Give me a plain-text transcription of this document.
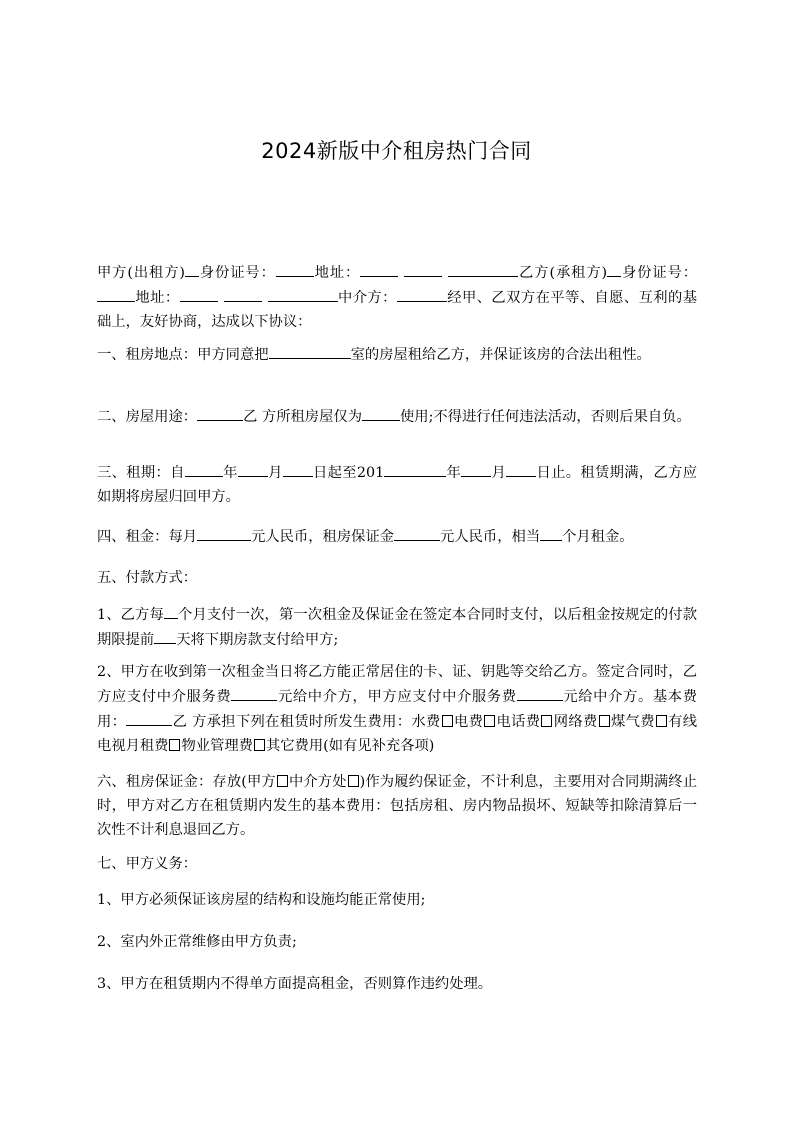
2024新版中介租房热门合同
甲方(出租方) 身份证号：	地址：	乙方(承租方) 身份证号：地址：	中介方：	经甲、乙双方在平等、自愿、互利的基础上，友好协商，达成以下协议：
一、租房地点：甲方同意把	室的房屋租给乙方，并保证该房的合法出租性。
二、房屋用途：	乙 方所租房屋仅为	使用;不得进行任何违法活动，否则后果自负。
三、租期：自	年 月 日起至201	年 月 日止。租赁期满，乙方应如期将房屋归回甲方。
四、租金：每月	元人民币，租房保证金	元人民币，相当 个月租金。
五、付款方式：
1、乙方每 个月支付一次，第一次租金及保证金在签定本合同时支付，以后租金按规定的付款期限提前 天将下期房款支付给甲方;
2、甲方在收到第一次租金当日将乙方能正常居住的卡、证、钥匙等交给乙方。签定合同时，乙方应支付中介服务费	元给中介方，甲方应支付中介服务费	元给中介方。基本费用：	乙 方承担下列在租赁时所发生费用：水费 电费 电话费 网络费 煤气费 有线电视月租费 物业管理费 其它费用(如有见补充各项)
六、租房保证金：存放(甲方 中介方处 )作为履约保证金，不计利息，主要用对合同期满终止时，甲方对乙方在租赁期内发生的基本费用：包括房租、房内物品损坏、短缺等扣除清算后一次性不计利息退回乙方。
七、甲方义务：
1、甲方必须保证该房屋的结构和设施均能正常使用;
2、室内外正常维修由甲方负责;
3、甲方在租赁期内不得单方面提高租金，否则算作违约处理。
